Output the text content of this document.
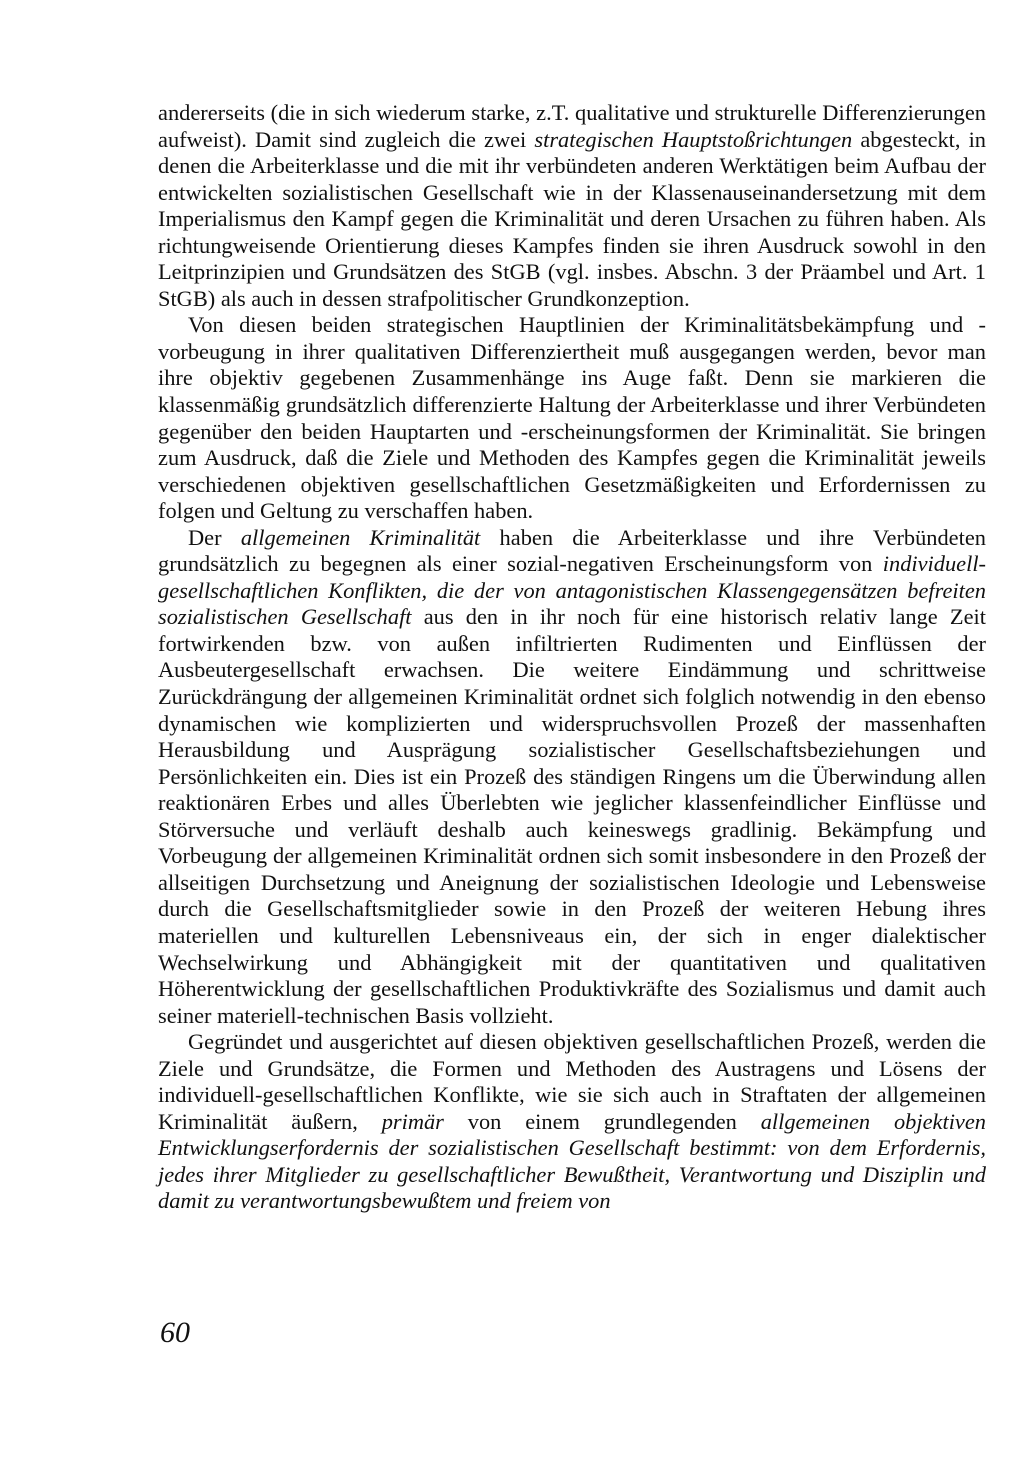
andererseits (die in sich wiederum starke, z.T. qualitative und strukturelle Differenzierungen aufweist). Damit sind zugleich die zwei strategischen Hauptstoßrichtungen abgesteckt, in denen die Arbeiterklasse und die mit ihr verbündeten anderen Werktätigen beim Aufbau der entwickelten sozialistischen Gesellschaft wie in der Klassenauseinandersetzung mit dem Imperialismus den Kampf gegen die Kriminalität und deren Ursachen zu führen haben. Als richtungweisende Orientierung dieses Kampfes finden sie ihren Ausdruck sowohl in den Leitprinzipien und Grundsätzen des StGB (vgl. insbes. Abschn. 3 der Präambel und Art. 1 StGB) als auch in dessen strafpolitischer Grundkonzeption.

Von diesen beiden strategischen Hauptlinien der Kriminalitätsbekämpfung und -vorbeugung in ihrer qualitativen Differenziertheit muß ausgegangen werden, bevor man ihre objektiv gegebenen Zusammenhänge ins Auge faßt. Denn sie markieren die klassenmäßig grundsätzlich differenzierte Haltung der Arbeiterklasse und ihrer Verbündeten gegenüber den beiden Hauptarten und -erscheinungsformen der Kriminalität. Sie bringen zum Ausdruck, daß die Ziele und Methoden des Kampfes gegen die Kriminalität jeweils verschiedenen objektiven gesellschaftlichen Gesetzmäßigkeiten und Erfordernissen zu folgen und Geltung zu verschaffen haben.

Der allgemeinen Kriminalität haben die Arbeiterklasse und ihre Verbündeten grundsätzlich zu begegnen als einer sozial-negativen Erscheinungsform von individuell-gesellschaftlichen Konflikten, die der von antagonistischen Klassengegensätzen befreiten sozialistischen Gesellschaft aus den in ihr noch für eine historisch relativ lange Zeit fortwirkenden bzw. von außen infiltrierten Rudimenten und Einflüssen der Ausbeutergesellschaft erwachsen. Die weitere Eindämmung und schrittweise Zurückdrängung der allgemeinen Kriminalität ordnet sich folglich notwendig in den ebenso dynamischen wie komplizierten und widerspruchsvollen Prozeß der massenhaften Herausbildung und Ausprägung sozialistischer Gesellschaftsbeziehungen und Persönlichkeiten ein. Dies ist ein Prozeß des ständigen Ringens um die Überwindung allen reaktionären Erbes und alles Überlebten wie jeglicher klassenfeindlicher Einflüsse und Störversuche und verläuft deshalb auch keineswegs gradlinig. Bekämpfung und Vorbeugung der allgemeinen Kriminalität ordnen sich somit insbesondere in den Prozeß der allseitigen Durchsetzung und Aneignung der sozialistischen Ideologie und Lebensweise durch die Gesellschaftsmitglieder sowie in den Prozeß der weiteren Hebung ihres materiellen und kulturellen Lebensniveaus ein, der sich in enger dialektischer Wechselwirkung und Abhängigkeit mit der quantitativen und qualitativen Höherentwicklung der gesellschaftlichen Produktivkräfte des Sozialismus und damit auch seiner materiell-technischen Basis vollzieht.

Gegründet und ausgerichtet auf diesen objektiven gesellschaftlichen Prozeß, werden die Ziele und Grundsätze, die Formen und Methoden des Austragens und Lösens der individuell-gesellschaftlichen Konflikte, wie sie sich auch in Straftaten der allgemeinen Kriminalität äußern, primär von einem grundlegenden allgemeinen objektiven Entwicklungserfordernis der sozialistischen Gesellschaft bestimmt: von dem Erfordernis, jedes ihrer Mitglieder zu gesellschaftlicher Bewußtheit, Verantwortung und Disziplin und damit zu verantwortungsbewußtem und freiem von

60
